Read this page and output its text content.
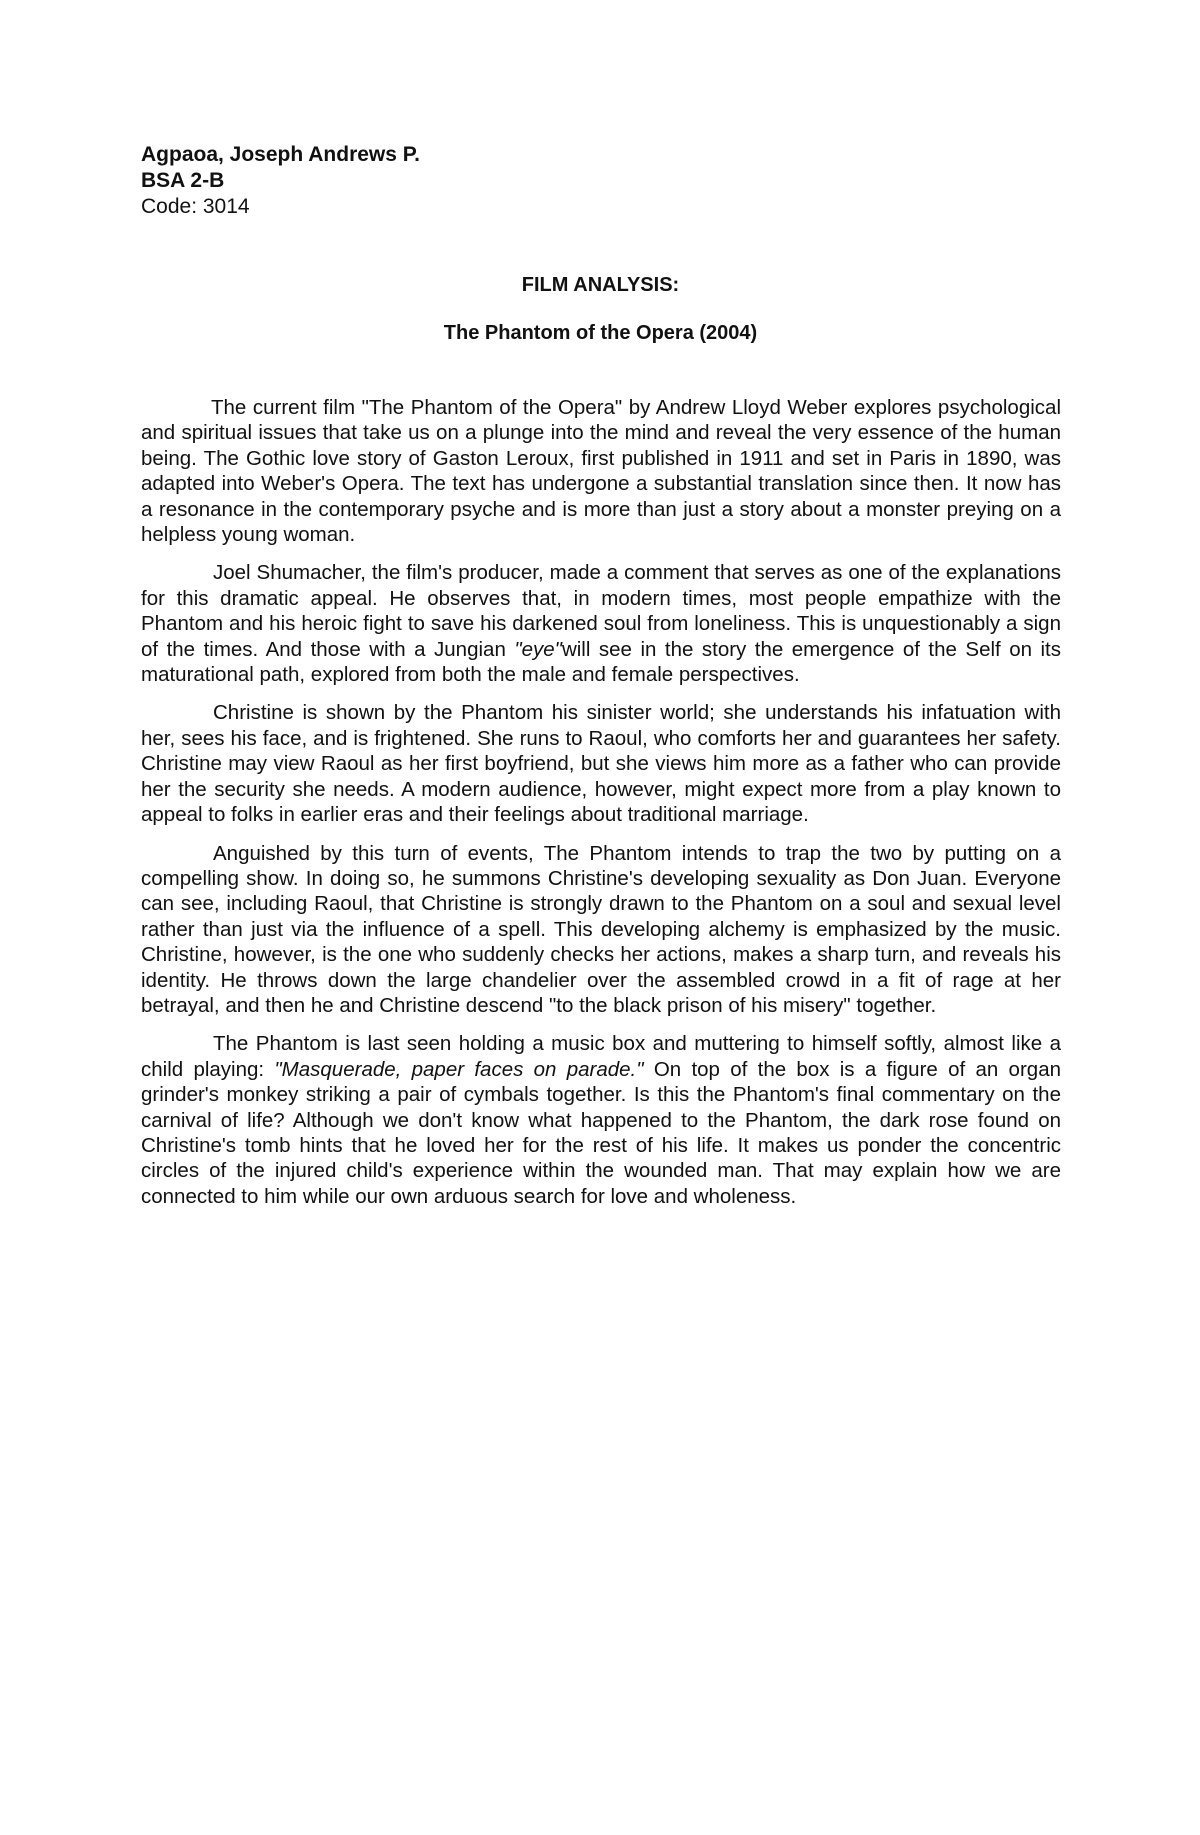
Agpaoa, Joseph Andrews P.
BSA 2-B
Code: 3014
FILM ANALYSIS:
The Phantom of the Opera (2004)

The current film "The Phantom of the Opera" by Andrew Lloyd Weber explores psychological and spiritual issues that take us on a plunge into the mind and reveal the very essence of the human being. The Gothic love story of Gaston Leroux, first published in 1911 and set in Paris in 1890, was adapted into Weber's Opera. The text has undergone a substantial translation since then. It now has a resonance in the contemporary psyche and is more than just a story about a monster preying on a helpless young woman.

Joel Shumacher, the film's producer, made a comment that serves as one of the explanations for this dramatic appeal. He observes that, in modern times, most people empathize with the Phantom and his heroic fight to save his darkened soul from loneliness. This is unquestionably a sign of the times. And those with a Jungian "eye"will see in the story the emergence of the Self on its maturational path, explored from both the male and female perspectives.

Christine is shown by the Phantom his sinister world; she understands his infatuation with her, sees his face, and is frightened. She runs to Raoul, who comforts her and guarantees her safety. Christine may view Raoul as her first boyfriend, but she views him more as a father who can provide her the security she needs. A modern audience, however, might expect more from a play known to appeal to folks in earlier eras and their feelings about traditional marriage.

Anguished by this turn of events, The Phantom intends to trap the two by putting on a compelling show. In doing so, he summons Christine's developing sexuality as Don Juan. Everyone can see, including Raoul, that Christine is strongly drawn to the Phantom on a soul and sexual level rather than just via the influence of a spell. This developing alchemy is emphasized by the music. Christine, however, is the one who suddenly checks her actions, makes a sharp turn, and reveals his identity. He throws down the large chandelier over the assembled crowd in a fit of rage at her betrayal, and then he and Christine descend "to the black prison of his misery" together.

The Phantom is last seen holding a music box and muttering to himself softly, almost like a child playing: "Masquerade, paper faces on parade." On top of the box is a figure of an organ grinder's monkey striking a pair of cymbals together. Is this the Phantom's final commentary on the carnival of life? Although we don't know what happened to the Phantom, the dark rose found on Christine's tomb hints that he loved her for the rest of his life. It makes us ponder the concentric circles of the injured child's experience within the wounded man. That may explain how we are connected to him while our own arduous search for love and wholeness.
